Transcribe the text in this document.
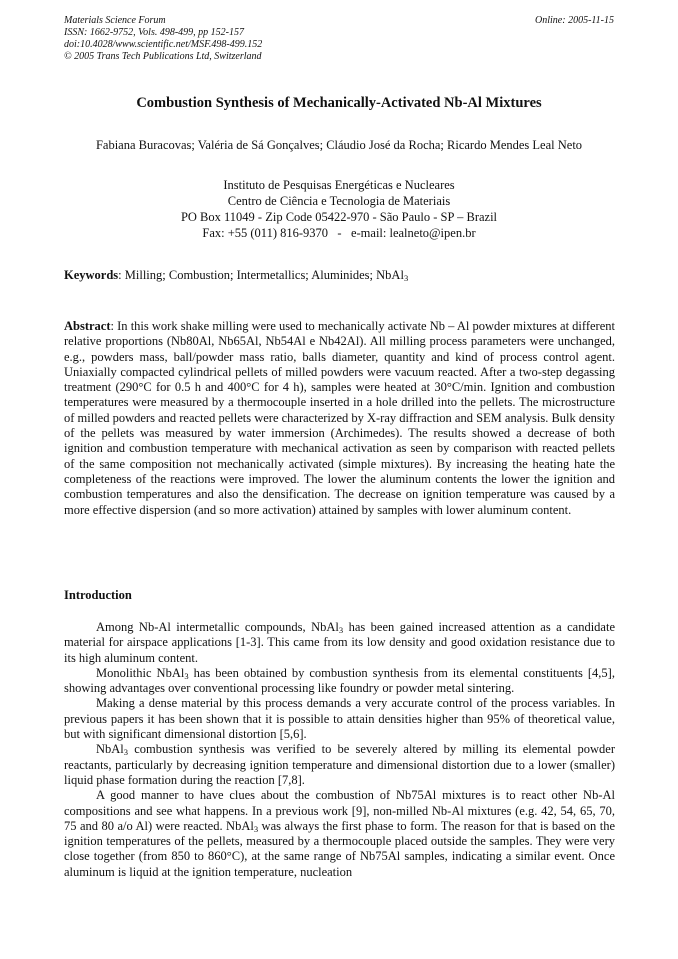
Materials Science Forum
ISSN: 1662-9752, Vols. 498-499, pp 152-157
doi:10.4028/www.scientific.net/MSF.498-499.152
© 2005 Trans Tech Publications Ltd, Switzerland
Online: 2005-11-15
Combustion Synthesis of Mechanically-Activated Nb-Al Mixtures
Fabiana Buracovas; Valéria de Sá Gonçalves; Cláudio José da Rocha; Ricardo Mendes Leal Neto
Instituto de Pesquisas Energéticas e Nucleares
Centro de Ciência e Tecnologia de Materiais
PO Box 11049 - Zip Code 05422-970 - São Paulo - SP – Brazil
Fax: +55 (011) 816-9370   -   e-mail: lealneto@ipen.br
Keywords: Milling; Combustion; Intermetallics; Aluminides; NbAl$_3$
Abstract: In this work shake milling were used to mechanically activate Nb – Al powder mixtures at different relative proportions (Nb80Al, Nb65Al, Nb54Al e Nb42Al). All milling process parameters were unchanged, e.g., powders mass, ball/powder mass ratio, balls diameter, quantity and kind of process control agent. Uniaxially compacted cylindrical pellets of milled powders were vacuum reacted. After a two-step degassing treatment (290°C for 0.5 h and 400°C for 4 h), samples were heated at 30°C/min. Ignition and combustion temperatures were measured by a thermocouple inserted in a hole drilled into the pellets. The microstructure of milled powders and reacted pellets were characterized by X-ray diffraction and SEM analysis. Bulk density of the pellets was measured by water immersion (Archimedes). The results showed a decrease of both ignition and combustion temperature with mechanical activation as seen by comparison with reacted pellets of the same composition not mechanically activated (simple mixtures). By increasing the heating hate the completeness of the reactions were improved. The lower the aluminum contents the lower the ignition and combustion temperatures and also the densification. The decrease on ignition temperature was caused by a more effective dispersion (and so more activation) attained by samples with lower aluminum content.
Introduction

Among Nb-Al intermetallic compounds, NbAl$_3$ has been gained increased attention as a candidate material for airspace applications [1-3]. This came from its low density and good oxidation resistance due to its high aluminum content.

Monolithic NbAl$_3$ has been obtained by combustion synthesis from its elemental constituents [4,5], showing advantages over conventional processing like foundry or powder metal sintering.

Making a dense material by this process demands a very accurate control of the process variables. In previous papers it has been shown that it is possible to attain densities higher than 95% of theoretical value, but with significant dimensional distortion [5,6].

NbAl$_3$ combustion synthesis was verified to be severely altered by milling its elemental powder reactants, particularly by decreasing ignition temperature and dimensional distortion due to a lower (smaller) liquid phase formation during the reaction [7,8].

A good manner to have clues about the combustion of Nb75Al mixtures is to react other Nb-Al compositions and see what happens. In a previous work [9], non-milled Nb-Al mixtures (e.g. 42, 54, 65, 70, 75 and 80 a/o Al) were reacted. NbAl$_3$ was always the first phase to form. The reason for that is based on the ignition temperatures of the pellets, measured by a thermocouple placed outside the samples. They were very close together (from 850 to 860°C), at the same range of Nb75Al samples, indicating a similar event. Once aluminum is liquid at the ignition temperature, nucleation
